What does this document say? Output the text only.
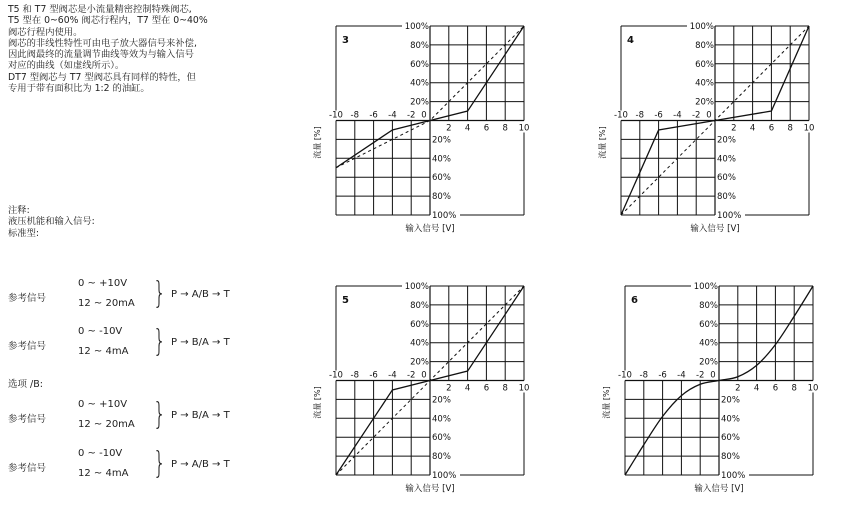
T5 和 T7 型阀芯是小流量精密控制特殊阀芯,
T5 型在 0~60% 阀芯行程内，T7 型在 0~40%
阀芯行程内使用。
阀芯的非线性特性可由电子放大器信号来补偿,
因此阀最终的流量调节曲线等效为与输入信号
对应的曲线（如虚线所示）。
DT7 型阀芯与 T7 型阀芯具有同样的特性，但
专用于带有面积比为 1:2 的油缸。
注释:
液压机能和输入信号:
标准型:
参考信号
0 ~ +10V
12 ~ 20mA } P → A/B → T
参考信号
0 ~ -10V
12 ~ 4mA } P → B/A → T
选项 /B:
参考信号
0 ~ +10V
12 ~ 20mA } P → B/A → T
参考信号
0 ~ -10V
12 ~ 4mA } P → A/B → T
-10 -8 -6 -4 -2 0
2 4 6 8 10
20%
40%
60%
80%
100%
20%
40%
60%
80%
100%
3
输入信号 [V]
流量 [%]
-10 -8 -6 -4 -2 0
2 4 6 8 10
20%
40%
60%
80%
100%
20%
40%
60%
80%
100%
4
输入信号 [V]
流量 [%]
-10 -8 -6 -4 -2 0
2 4 6 8 10
20%
40%
60%
80%
100%
20%
40%
60%
80%
100%
5
输入信号 [V]
流量 [%]
-10 -8 -6 -4 -2 0
2 4 6 8 10
20%
40%
60%
80%
100%
20%
40%
60%
80%
100%
6
输入信号 [V]
流量 [%]
